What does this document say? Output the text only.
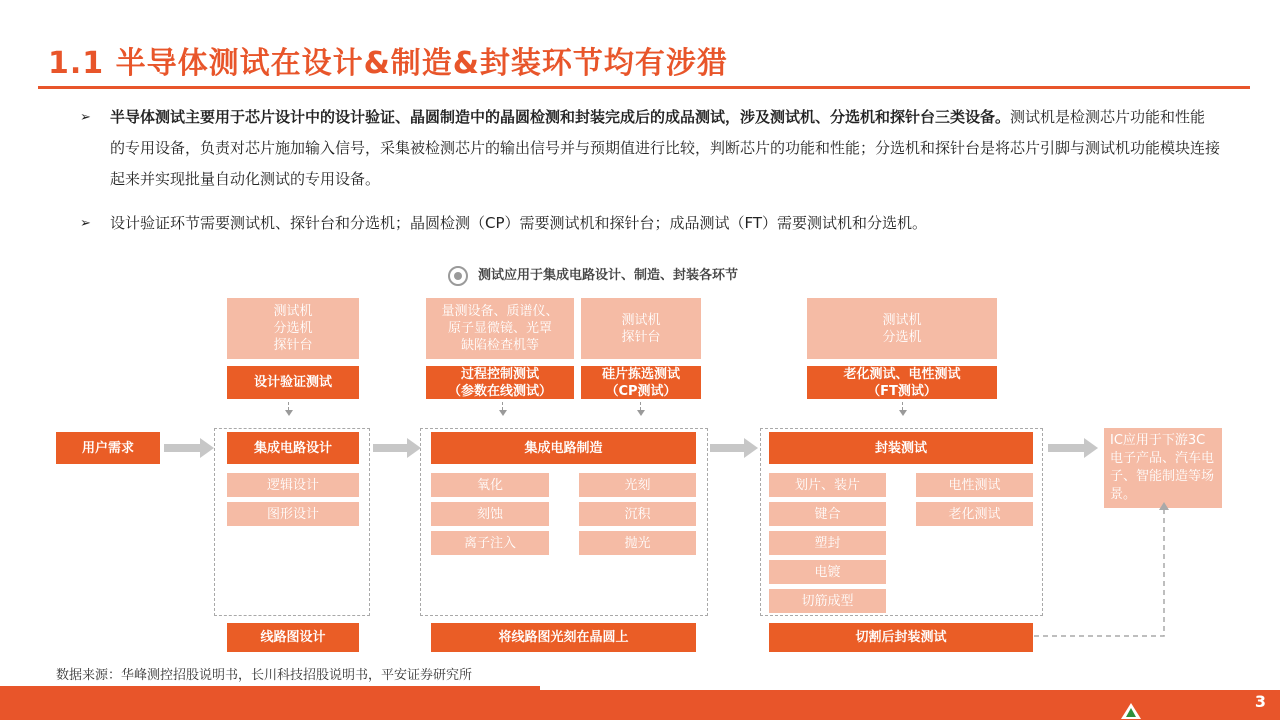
1.1 半导体测试在设计&制造&封装环节均有涉猎
➢	半导体测试主要用于芯片设计中的设计验证、晶圆制造中的晶圆检测和封装完成后的成品测试，涉及测试机、分选机和探针台三类设备。测试机是检测芯片功能和性能的专用设备，负责对芯片施加输入信号，采集被检测芯片的输出信号并与预期值进行比较，判断芯片的功能和性能；分选机和探针台是将芯片引脚与测试机功能模块连接起来并实现批量自动化测试的专用设备。
➢	设计验证环节需要测试机、探针台和分选机；晶圆检测（CP）需要测试机和探针台；成品测试（FT）需要测试机和分选机。
测试应用于集成电路设计、制造、封装各环节
测试机
分选机
探针台
设计验证测试
集成电路设计
逻辑设计
图形设计
线路图设计
量测设备、质谱仪、
原子显微镜、光罩
缺陷检查机等
测试机
探针台
过程控制测试
（参数在线测试）
硅片拣选测试
（CP测试）
集成电路制造
氧化
刻蚀
离子注入
光刻
沉积
抛光
将线路图光刻在晶圆上
测试机
分选机
老化测试、电性测试
（FT测试）
封装测试
划片、装片
键合
塑封
电镀
切筋成型
电性测试
老化测试
切割后封装测试
用户需求	IC应用于下游3C电子产品、汽车电子、智能制造等场景。
数据来源：华峰测控招股说明书，长川科技招股说明书，平安证券研究所
3
